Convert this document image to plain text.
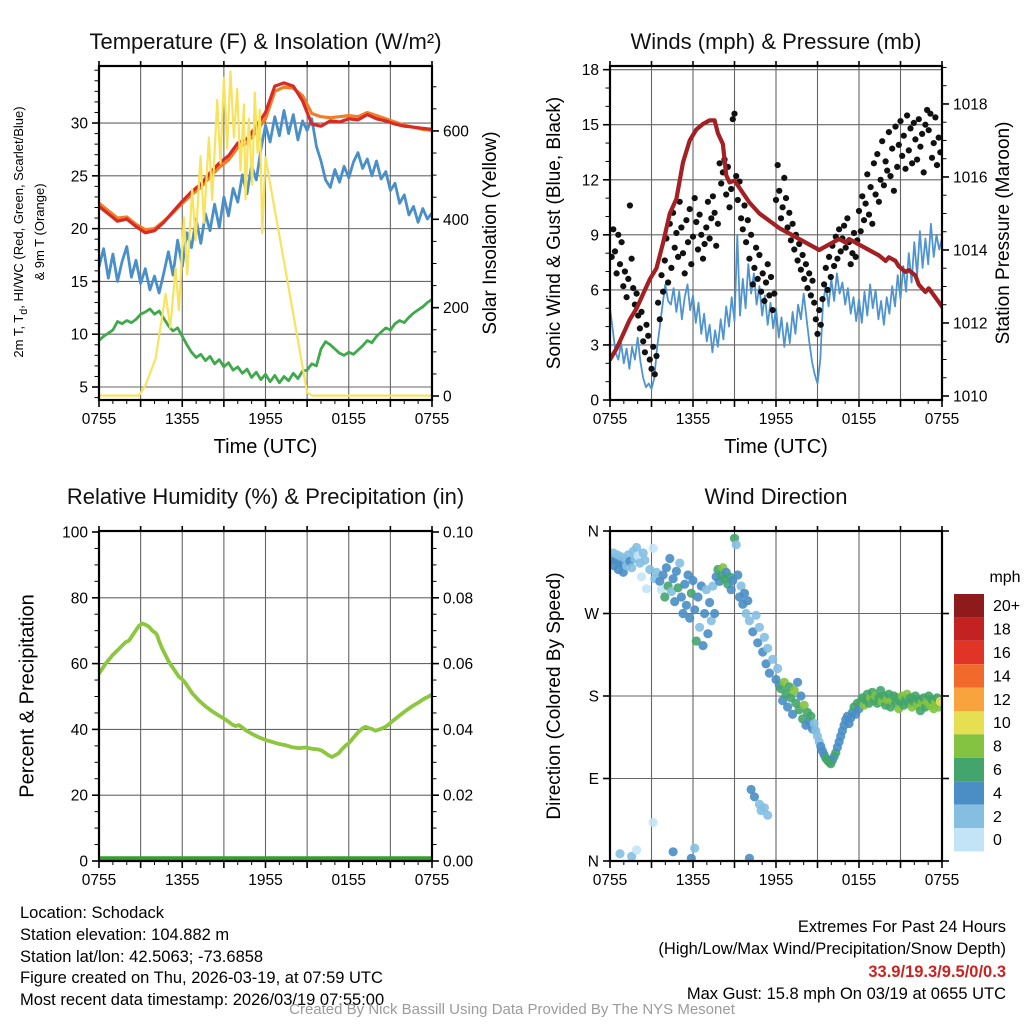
5
10
15
20
25
30
0
200
400
600
0755	1355	1955	0155	0755
0
3
6
9
12
15
18
1010
1012
1014
1016
1018
0755	1355	1955	0155	0755
0
20
40
60
80
100
0.00
0.02
0.04
0.06
0.08
0.10
0755	1355	1955	0155	0755
N
E
S
W
N
0755	1355	1955	0155	0755
20+
18
16
14
12
10
8
6
4
2
0
Temperature (F) & Insolation (W/m²)	Winds (mph) & Pressure (mb)
Relative Humidity (%) & Precipitation (in)	Wind Direction
Time (UTC)	Time (UTC)
2m T, $T_d$, HI/WC (Red, Green, Scarlet/Blue) & 9m T (Orange)	Solar Insolation (Yellow) Sonic Wind & Gust (Blue, Black)	Station Pressure (Maroon)
Percent & Precipitation	Direction (Colored By Speed)	mph
Location: Schodack
Station elevation: 104.882 m
Station lat/lon: 42.5063; -73.6858
Figure created on Thu, 2026-03-19, at 07:59 UTC
Most recent data timestamp: 2026/03/19 07:55:00
Extremes For Past 24 Hours
(High/Low/Max Wind/Precipitation/Snow Depth)
33.9/19.3/9.5/0/0.3
Max Gust: 15.8 mph On 03/19 at 0655 UTC
Created By Nick Bassill Using Data Provided By The NYS Mesonet
